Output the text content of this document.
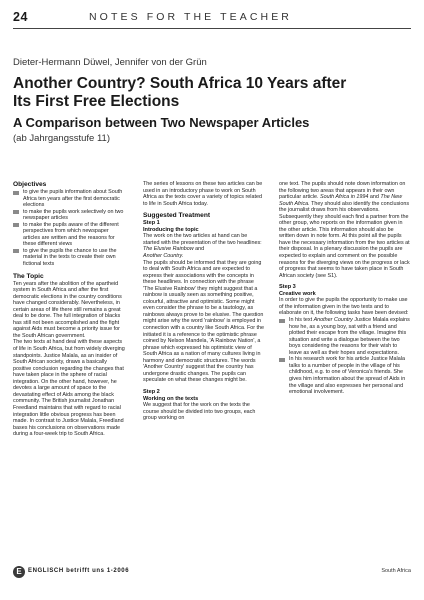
24	NOTES FOR THE TEACHER
Dieter-Hermann Düwel, Jennifer von der Grün
Another Country? South Africa 10 Years after
Its First Free Elections
A Comparison between Two Newspaper Articles
(ab Jahrgangsstufe 11)
Objectives
to give the pupils information about South Africa ten years after the first democratic elections
to make the pupils work selectively on two newspaper articles
to make the pupils aware of the different perspectives from which newspaper articles are written and the reasons for these different views
to give the pupils the chance to use the material in the texts to create their own fictional texts
The Topic

Ten years after the abolition of the apartheid system in South Africa and after the first democratic elections in the country conditions have changed considerably. Nevertheless, in certain areas of life there still remains a great deal to be done. The full integration of blacks has still not been accomplished and the fight against Aids must become a priority issue for the South African government.

The two texts at hand deal with these aspects of life in South Africa, but from widely diverging standpoints. Justice Malala, as an insider of South African society, draws a basically positive conclusion regarding the changes that have taken place in the sphere of racial integration. On the other hand, however, he devotes a large amount of space to the devastating effect of Aids among the black community. The British journalist Jonathan Freedland maintains that with regard to racial integration little obvious progress has been made. In contrast to Justice Malala, Freedland bases his conclusions on observations made during a four-week trip to South Africa.

The series of lessons on these two articles can be used in an introductory phase to work on South Africa as the texts cover a variety of topics related to life in South Africa today.

Suggested Treatment
Step 1
Introducing the topic

The work on the two articles at hand can be started with the presentation of the two headlines:

The Elusive Rainbow and

Another Country.

The pupils should be informed that they are going to deal with South Africa and are expected to express their associations with the concepts in these headlines. In connection with the phrase 'The Elusive Rainbow' they might suggest that a rainbow is usually seen as something positive, colourful, attractive and optimistic. Some might even consider the phrase to be a tautology, as rainbows always prove to be elusive. The question might arise why the word 'rainbow' is employed in connection with a country like South Africa. For the initiated it is a reference to the optimistic phrase coined by Nelson Mandela, 'A Rainbow Nation', a phrase which expressed his optimistic view of South Africa as a nation of many cultures living in harmony and democratic structures. The words 'Another Country' suggest that the country has undergone drastic changes. The pupils can speculate on what these changes might be.

Step 2
Working on the texts

We suggest that for the work on the texts the course should be divided into two groups, each group working on

one text. The pupils should note down information on the following two areas that appears in their own particular article. South Africa in 1994 and The New South Africa. They should also identify the conclusions the journalist draws from his observations. Subsequently they should each find a partner from the other group, who reports on the information given in the other article. This information should also be written down in note form. At this point all the pupils have the necessary information from the two articles at their disposal. In a plenary discussion the pupils are expected to explain and comment on the possible reasons for the diverging views on the progress or lack of progress that seems to have taken place in South African society (see S1).

Step 3
Creative work

In order to give the pupils the opportunity to make use of the information given in the two texts and to elaborate on it, the following tasks have been devised:

In his text Another Country Justice Malala explains how he, as a young boy, sat with a friend and plotted their escape from the village. Imagine this situation and write a dialogue between the two boys considering the reasons for their wish to leave as well as their hopes and expectations.
In his research work for his article Justice Malala talks to a number of people in the village of his childhood, e.g. to one of Veronica's friends. She gives him information about the spread of Aids in the village and also expresses her personal and emotional involvement.
E	ENGLISCH betrifft uns 1-2006	South Africa
